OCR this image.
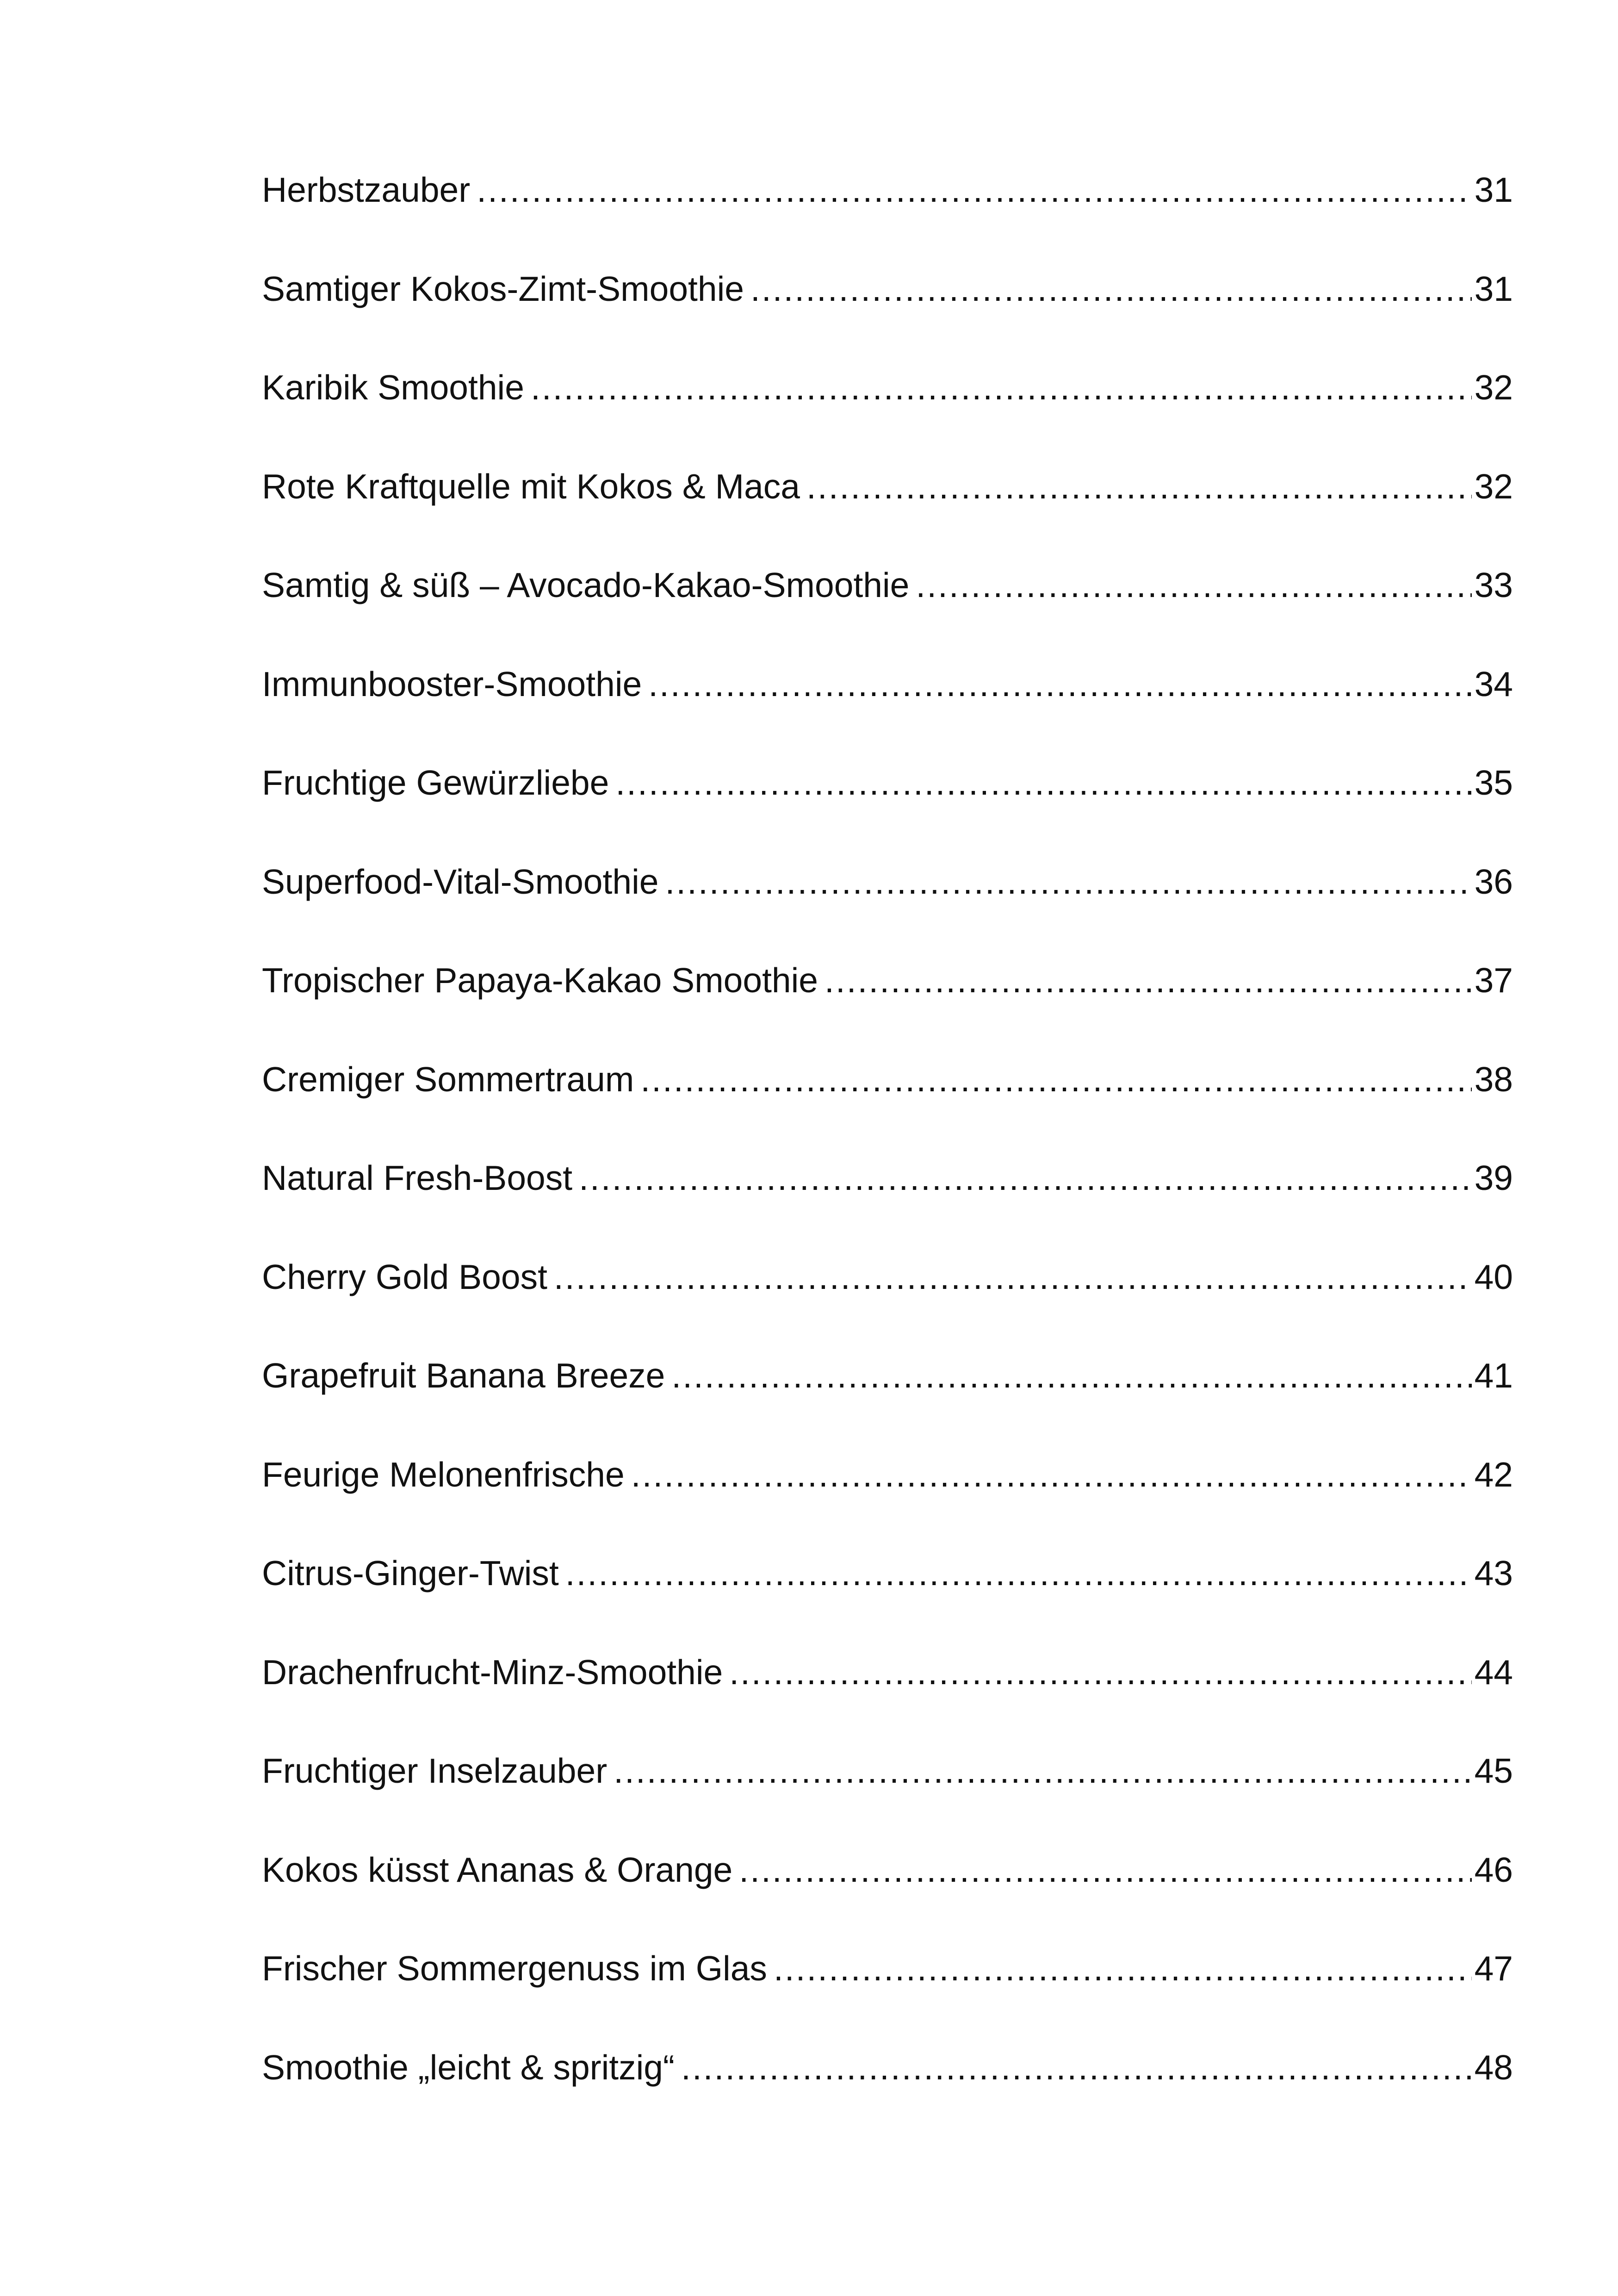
Herbstzauber .....	31
Samtiger Kokos-Zimt-Smoothie .....	31
Karibik Smoothie .....	32
Rote Kraftquelle mit Kokos & Maca .....	32
Samtig & süß – Avocado-Kakao-Smoothie .....	33
Immunbooster-Smoothie .....	34
Fruchtige Gewürzliebe .....	35
Superfood-Vital-Smoothie .....	36
Tropischer Papaya-Kakao Smoothie .....	37
Cremiger Sommertraum .....	38
Natural Fresh-Boost .....	39
Cherry Gold Boost .....	40
Grapefruit Banana Breeze .....	41
Feurige Melonenfrische .....	42
Citrus-Ginger-Twist .....	43
Drachenfrucht-Minz-Smoothie .....	44
Fruchtiger Inselzauber .....	45
Kokos küsst Ananas & Orange .....	46
Frischer Sommergenuss im Glas .....	47
Smoothie „leicht & spritzig“ .....	48
